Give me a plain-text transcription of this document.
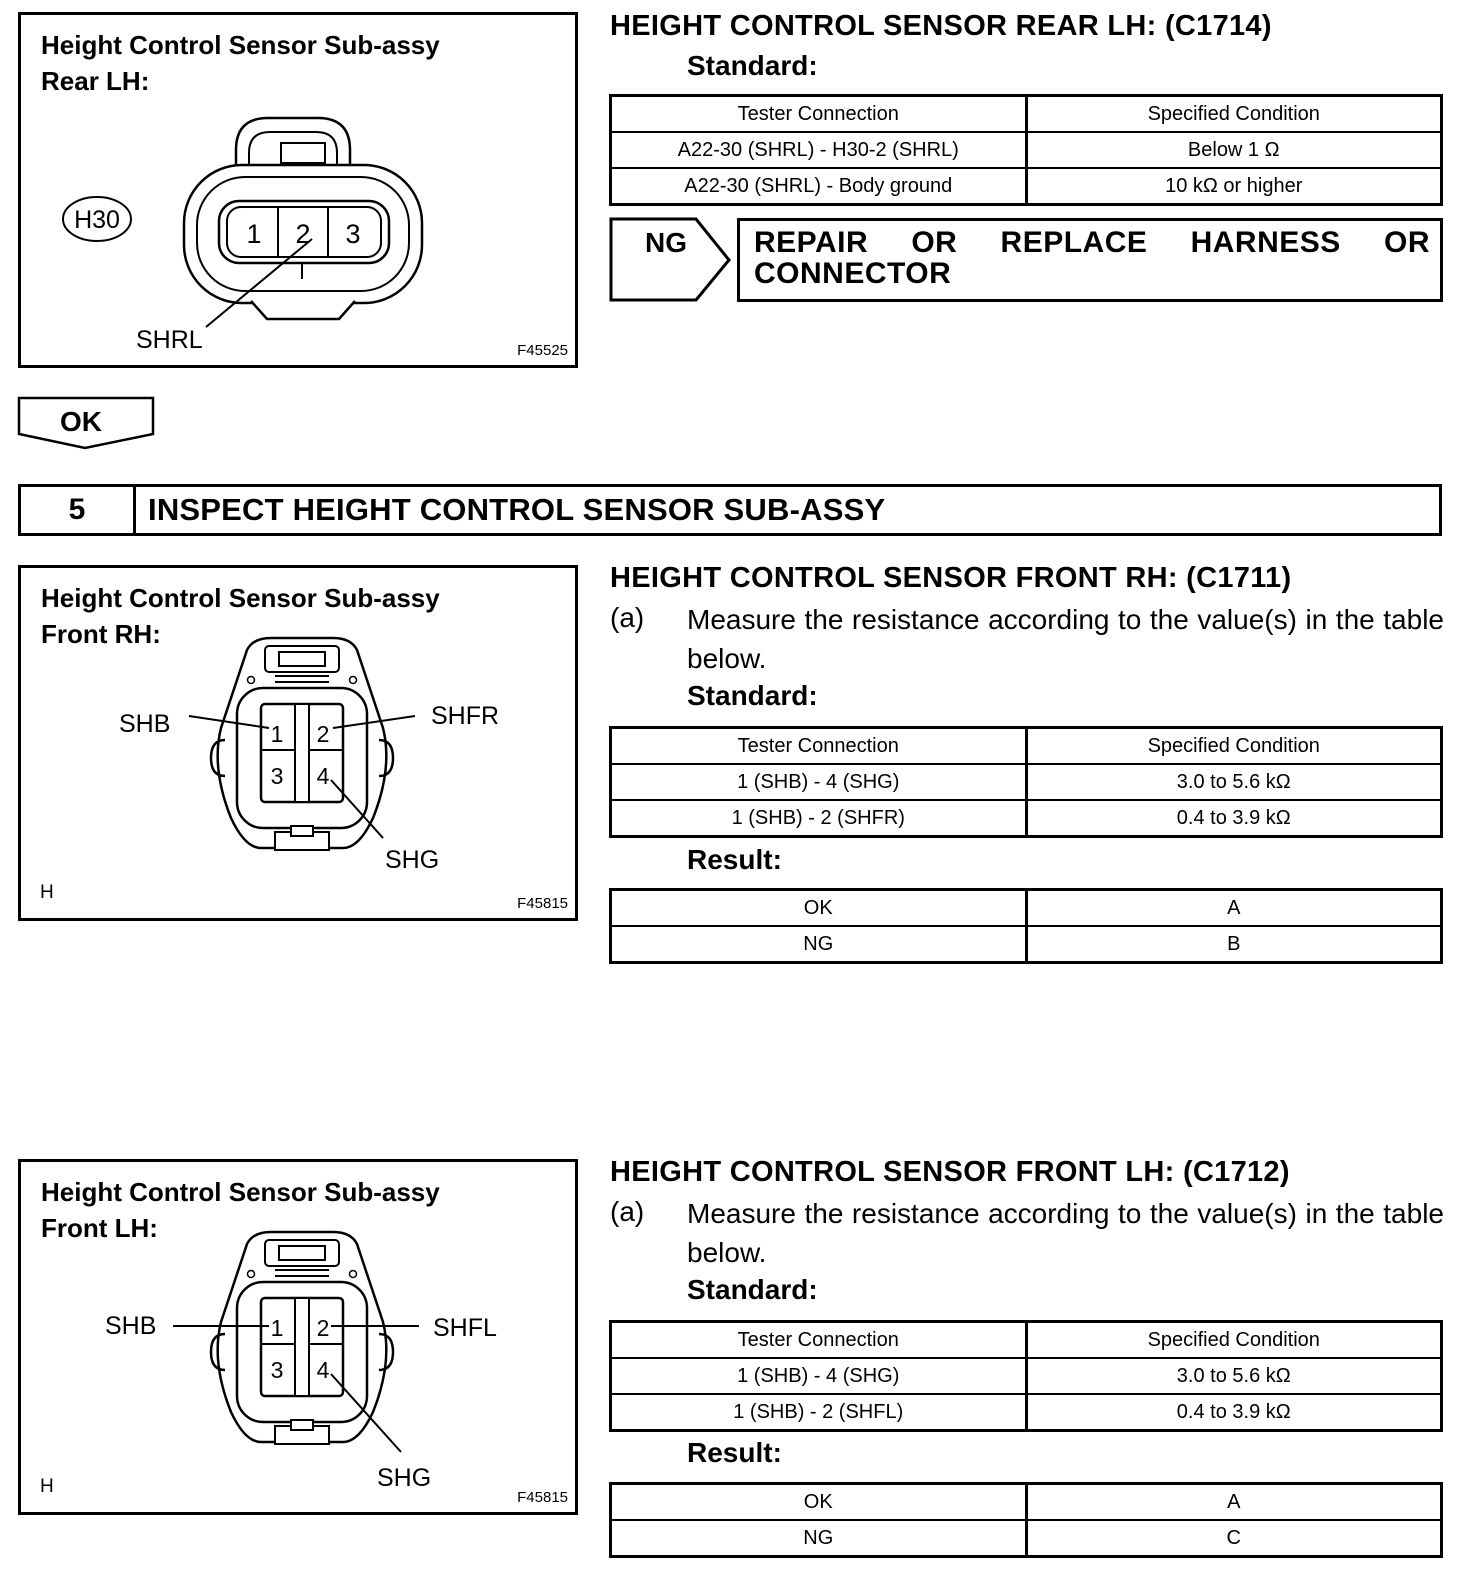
Height Control Sensor Sub-assy
Rear LH:
H30	1 2 3
SHRL	F45525
HEIGHT CONTROL SENSOR REAR LH: (C1714)
Standard:
Tester Connection	Specified Condition
A22-30 (SHRL) - H30-2 (SHRL)	Below 1 Ω
A22-30 (SHRL) - Body ground	10 kΩ or higher
NG REPAIR OR REPLACE HARNESS OR CONNECTOR
OK
5	INSPECT HEIGHT CONTROL SENSOR SUB-ASSY
Height Control Sensor Sub-assy
Front RH:
1 2
3 4
SHB	SHFR
SHG
H
F45815
HEIGHT CONTROL SENSOR FRONT RH: (C1711)
(a) Measure the resistance according to the value(s) in the table below.
Standard:
Tester Connection	Specified Condition
1 (SHB) - 4 (SHG)	3.0 to 5.6 kΩ
1 (SHB) - 2 (SHFR)	0.4 to 3.9 kΩ
Result:
OK	A
NG	B
Height Control Sensor Sub-assy
Front LH:
1 2
3 4
SHB	SHFL
SHG
H
F45815
HEIGHT CONTROL SENSOR FRONT LH: (C1712)
(a) Measure the resistance according to the value(s) in the table below.
Standard:
Tester Connection	Specified Condition
1 (SHB) - 4 (SHG)	3.0 to 5.6 kΩ
1 (SHB) - 2 (SHFL)	0.4 to 3.9 kΩ
Result:
OK	A
NG	C
